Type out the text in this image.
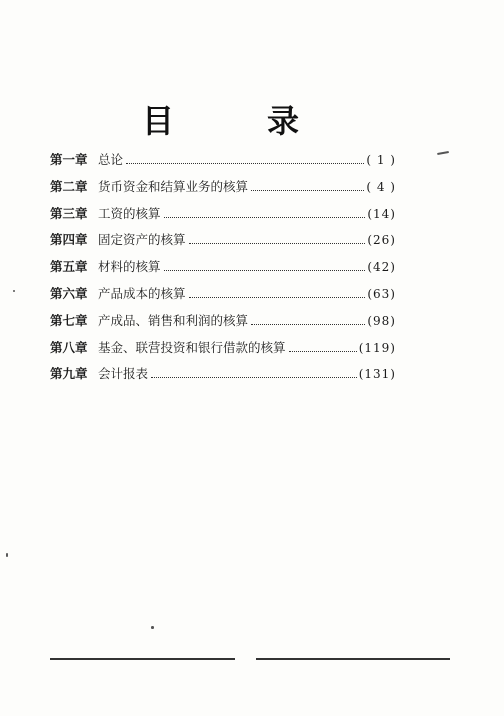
目	录
第一章 总论	( 1 )
第二章 货币资金和结算业务的核算	( 4 )
第三章 工资的核算	(14)
第四章 固定资产的核算	(26)
第五章 材料的核算	(42)
第六章 产品成本的核算	(63)
第七章 产成品、销售和利润的核算	(98)
第八章 基金、联营投资和银行借款的核算	(119)
第九章 会计报表	(131)
